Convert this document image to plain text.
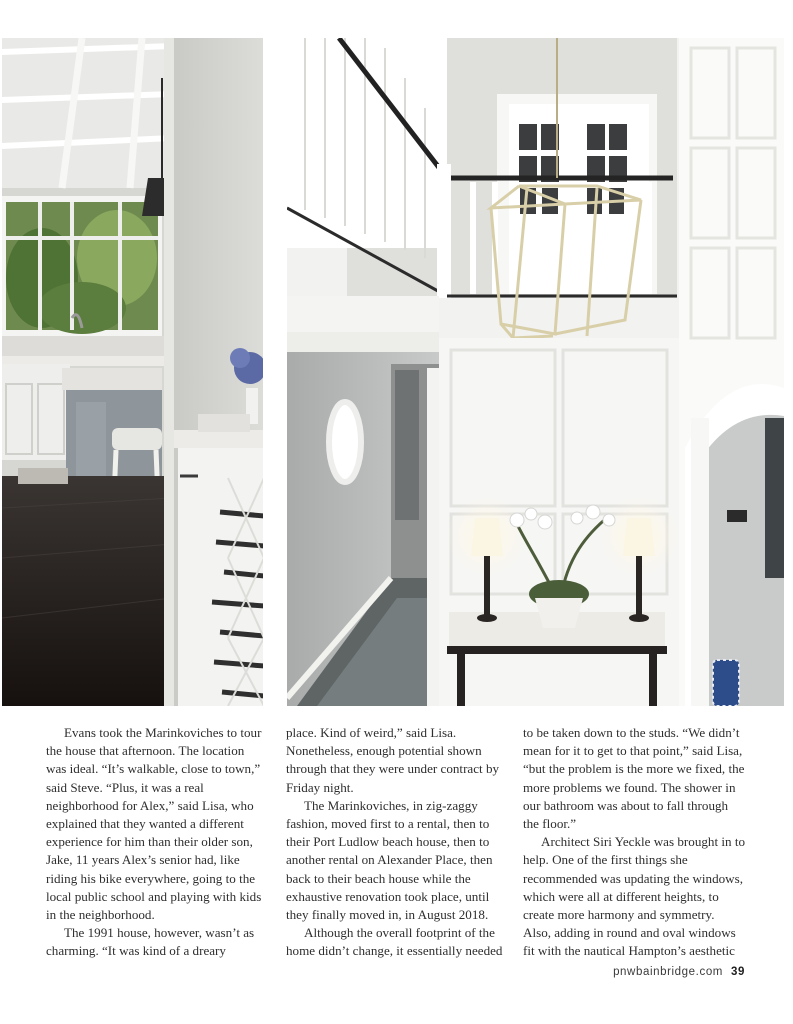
Evans took the Marinkoviches to tour the house that afternoon. The location was ideal. “It’s walkable, close to town,” said Steve. “Plus, it was a real neighborhood for Alex,” said Lisa, who explained that they wanted a different experience for him than their older son, Jake, 11 years Alex’s senior had, like riding his bike everywhere, going to the local public school and playing with kids in the neighborhood.

The 1991 house, however, wasn’t as charming. “It was kind of a dreary

place. Kind of weird,” said Lisa. Nonetheless, enough potential shown through that they were under contract by Friday night.

The Marinkoviches, in zig-zaggy fashion, moved first to a rental, then to their Port Ludlow beach house, then to another rental on Alexander Place, then back to their beach house while the exhaustive renovation took place, until they finally moved in, in August 2018.

Although the overall footprint of the home didn’t change, it essentially needed

to be taken down to the studs. “We didn’t mean for it to get to that point,” said Lisa, “but the problem is the more we fixed, the more problems we found. The shower in our bathroom was about to fall through the floor.”

Architect Siri Yeckle was brought in to help. One of the first things she recommended was updating the windows, which were all at different heights, to create more harmony and symmetry. Also, adding in round and oval windows fit with the nautical Hampton’s aesthetic

pnwbainbridge.com 39
